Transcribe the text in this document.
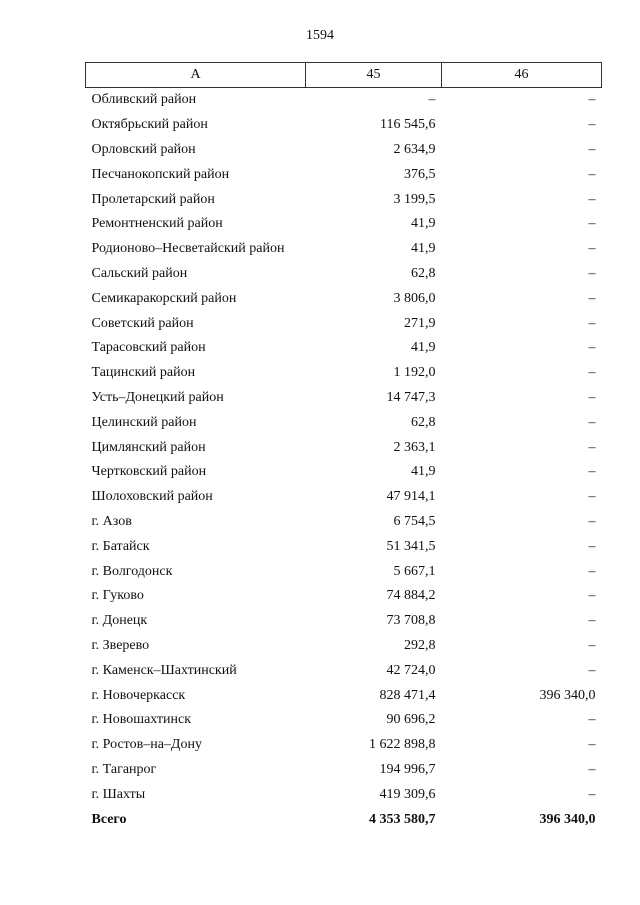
1594
А	45	46
Обливский район	–	–
Октябрьский район	116 545,6	–
Орловский район	2 634,9	–
Песчанокопский район	376,5	–
Пролетарский район	3 199,5	–
Ремонтненский район	41,9	–
Родионово–Несветайский район	41,9	–
Сальский район	62,8	–
Семикаракорский район	3 806,0	–
Советский район	271,9	–
Тарасовский район	41,9	–
Тацинский район	1 192,0	–
Усть–Донецкий район	14 747,3	–
Целинский район	62,8	–
Цимлянский район	2 363,1	–
Чертковский район	41,9	–
Шолоховский район	47 914,1	–
г. Азов	6 754,5	–
г. Батайск	51 341,5	–
г. Волгодонск	5 667,1	–
г. Гуково	74 884,2	–
г. Донецк	73 708,8	–
г. Зверево	292,8	–
г. Каменск–Шахтинский	42 724,0	–
г. Новочеркасск	828 471,4	396 340,0
г. Новошахтинск	90 696,2	–
г. Ростов–на–Дону	1 622 898,8	–
г. Таганрог	194 996,7	–
г. Шахты	419 309,6	–
Всего	4 353 580,7	396 340,0
